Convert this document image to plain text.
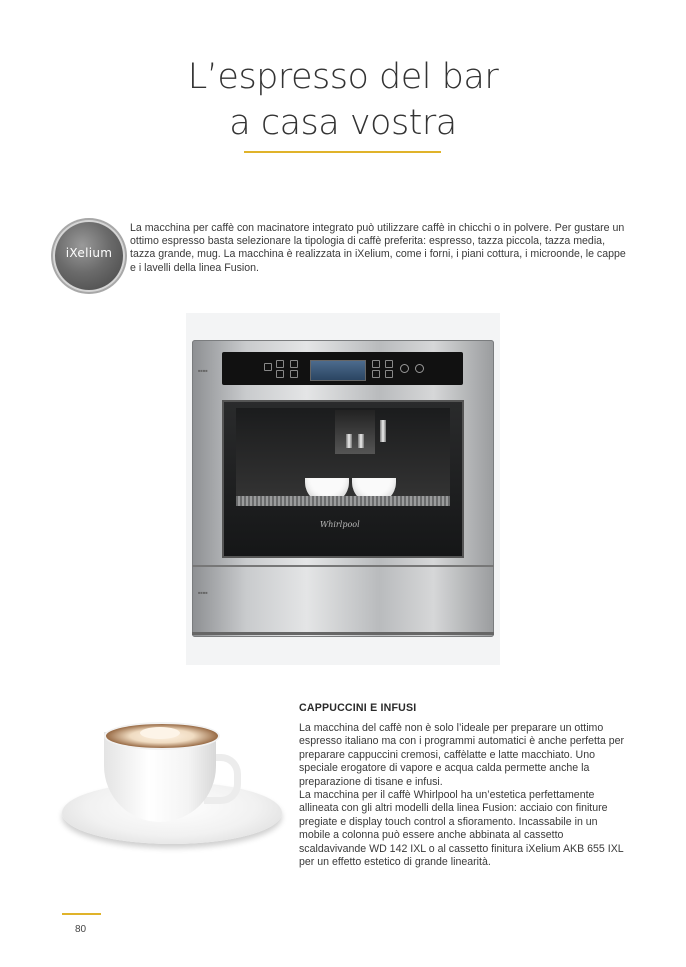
L’espresso del bar
a casa vostra
iXelium

La macchina per caffè con macinatore integrato può utilizzare caffè in chicchi o in polvere. Per gustare un ottimo espresso basta selezionare la tipologia di caffè preferita: espresso, tazza piccola, tazza media, tazza grande, mug. La macchina è realizzata in iXelium, come i forni, i piani cottura, i microonde, le cappe e i lavelli della linea Fusion.

■■■■
Whirlpool
■■■■
CAPPUCCINI E INFUSI
La macchina del caffè non è solo l’ideale per preparare un ottimo espresso italiano ma con i programmi automatici è anche perfetta per preparare cappuccini cremosi, caffèlatte e latte macchiato. Uno speciale erogatore di vapore e acqua calda permette anche la preparazione di tisane e infusi.
La macchina per il caffè Whirlpool ha un’estetica perfettamente allineata con gli altri modelli della linea Fusion: acciaio con finiture pregiate e display touch control a sfioramento. Incassabile in un mobile a colonna può essere anche abbinata al cassetto scaldavivande WD 142 IXL o al cassetto finitura iXelium AKB 655 IXL per un effetto estetico di grande linearità.
80
